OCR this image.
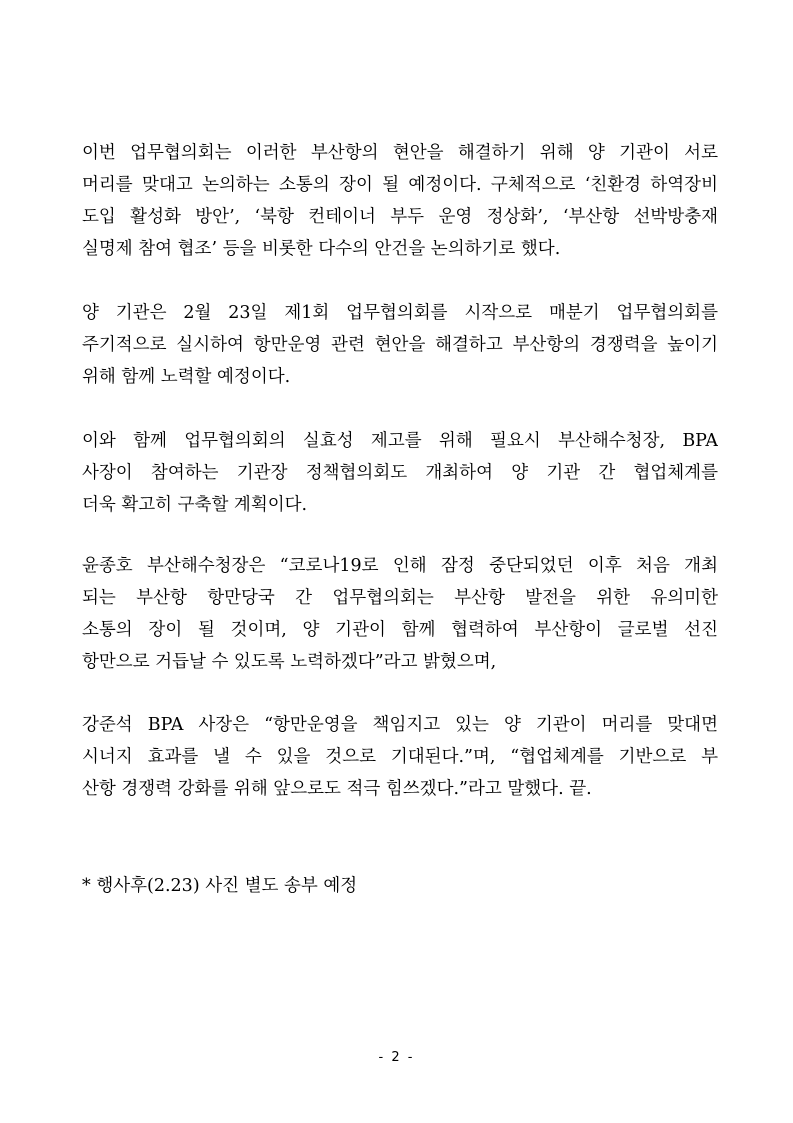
이번 업무협의회는 이러한 부산항의 현안을 해결하기 위해 양 기관이 서로
머리를 맞대고 논의하는 소통의 장이 될 예정이다. 구체적으로 ‘친환경 하역장비
도입 활성화 방안’, ‘북항 컨테이너 부두 운영 정상화’, ‘부산항 선박방충재
실명제 참여 협조’ 등을 비롯한 다수의 안건을 논의하기로 했다.
양 기관은 2월 23일 제1회 업무협의회를 시작으로 매분기 업무협의회를
주기적으로 실시하여 항만운영 관련 현안을 해결하고 부산항의 경쟁력을 높이기
위해 함께 노력할 예정이다.
이와 함께 업무협의회의 실효성 제고를 위해 필요시 부산해수청장, BPA
사장이 참여하는 기관장 정책협의회도 개최하여 양 기관 간 협업체계를
더욱 확고히 구축할 계획이다.
윤종호 부산해수청장은 “코로나19로 인해 잠정 중단되었던 이후 처음 개최
되는 부산항 항만당국 간 업무협의회는 부산항 발전을 위한 유의미한
소통의 장이 될 것이며, 양 기관이 함께 협력하여 부산항이 글로벌 선진
항만으로 거듭날 수 있도록 노력하겠다”라고 밝혔으며,
강준석 BPA 사장은 “항만운영을 책임지고 있는 양 기관이 머리를 맞대면
시너지 효과를 낼 수 있을 것으로 기대된다.”며, “협업체계를 기반으로 부
산항 경쟁력 강화를 위해 앞으로도 적극 힘쓰겠다.”라고 말했다. 끝.
* 행사후(2.23) 사진 별도 송부 예정
- 2 -
